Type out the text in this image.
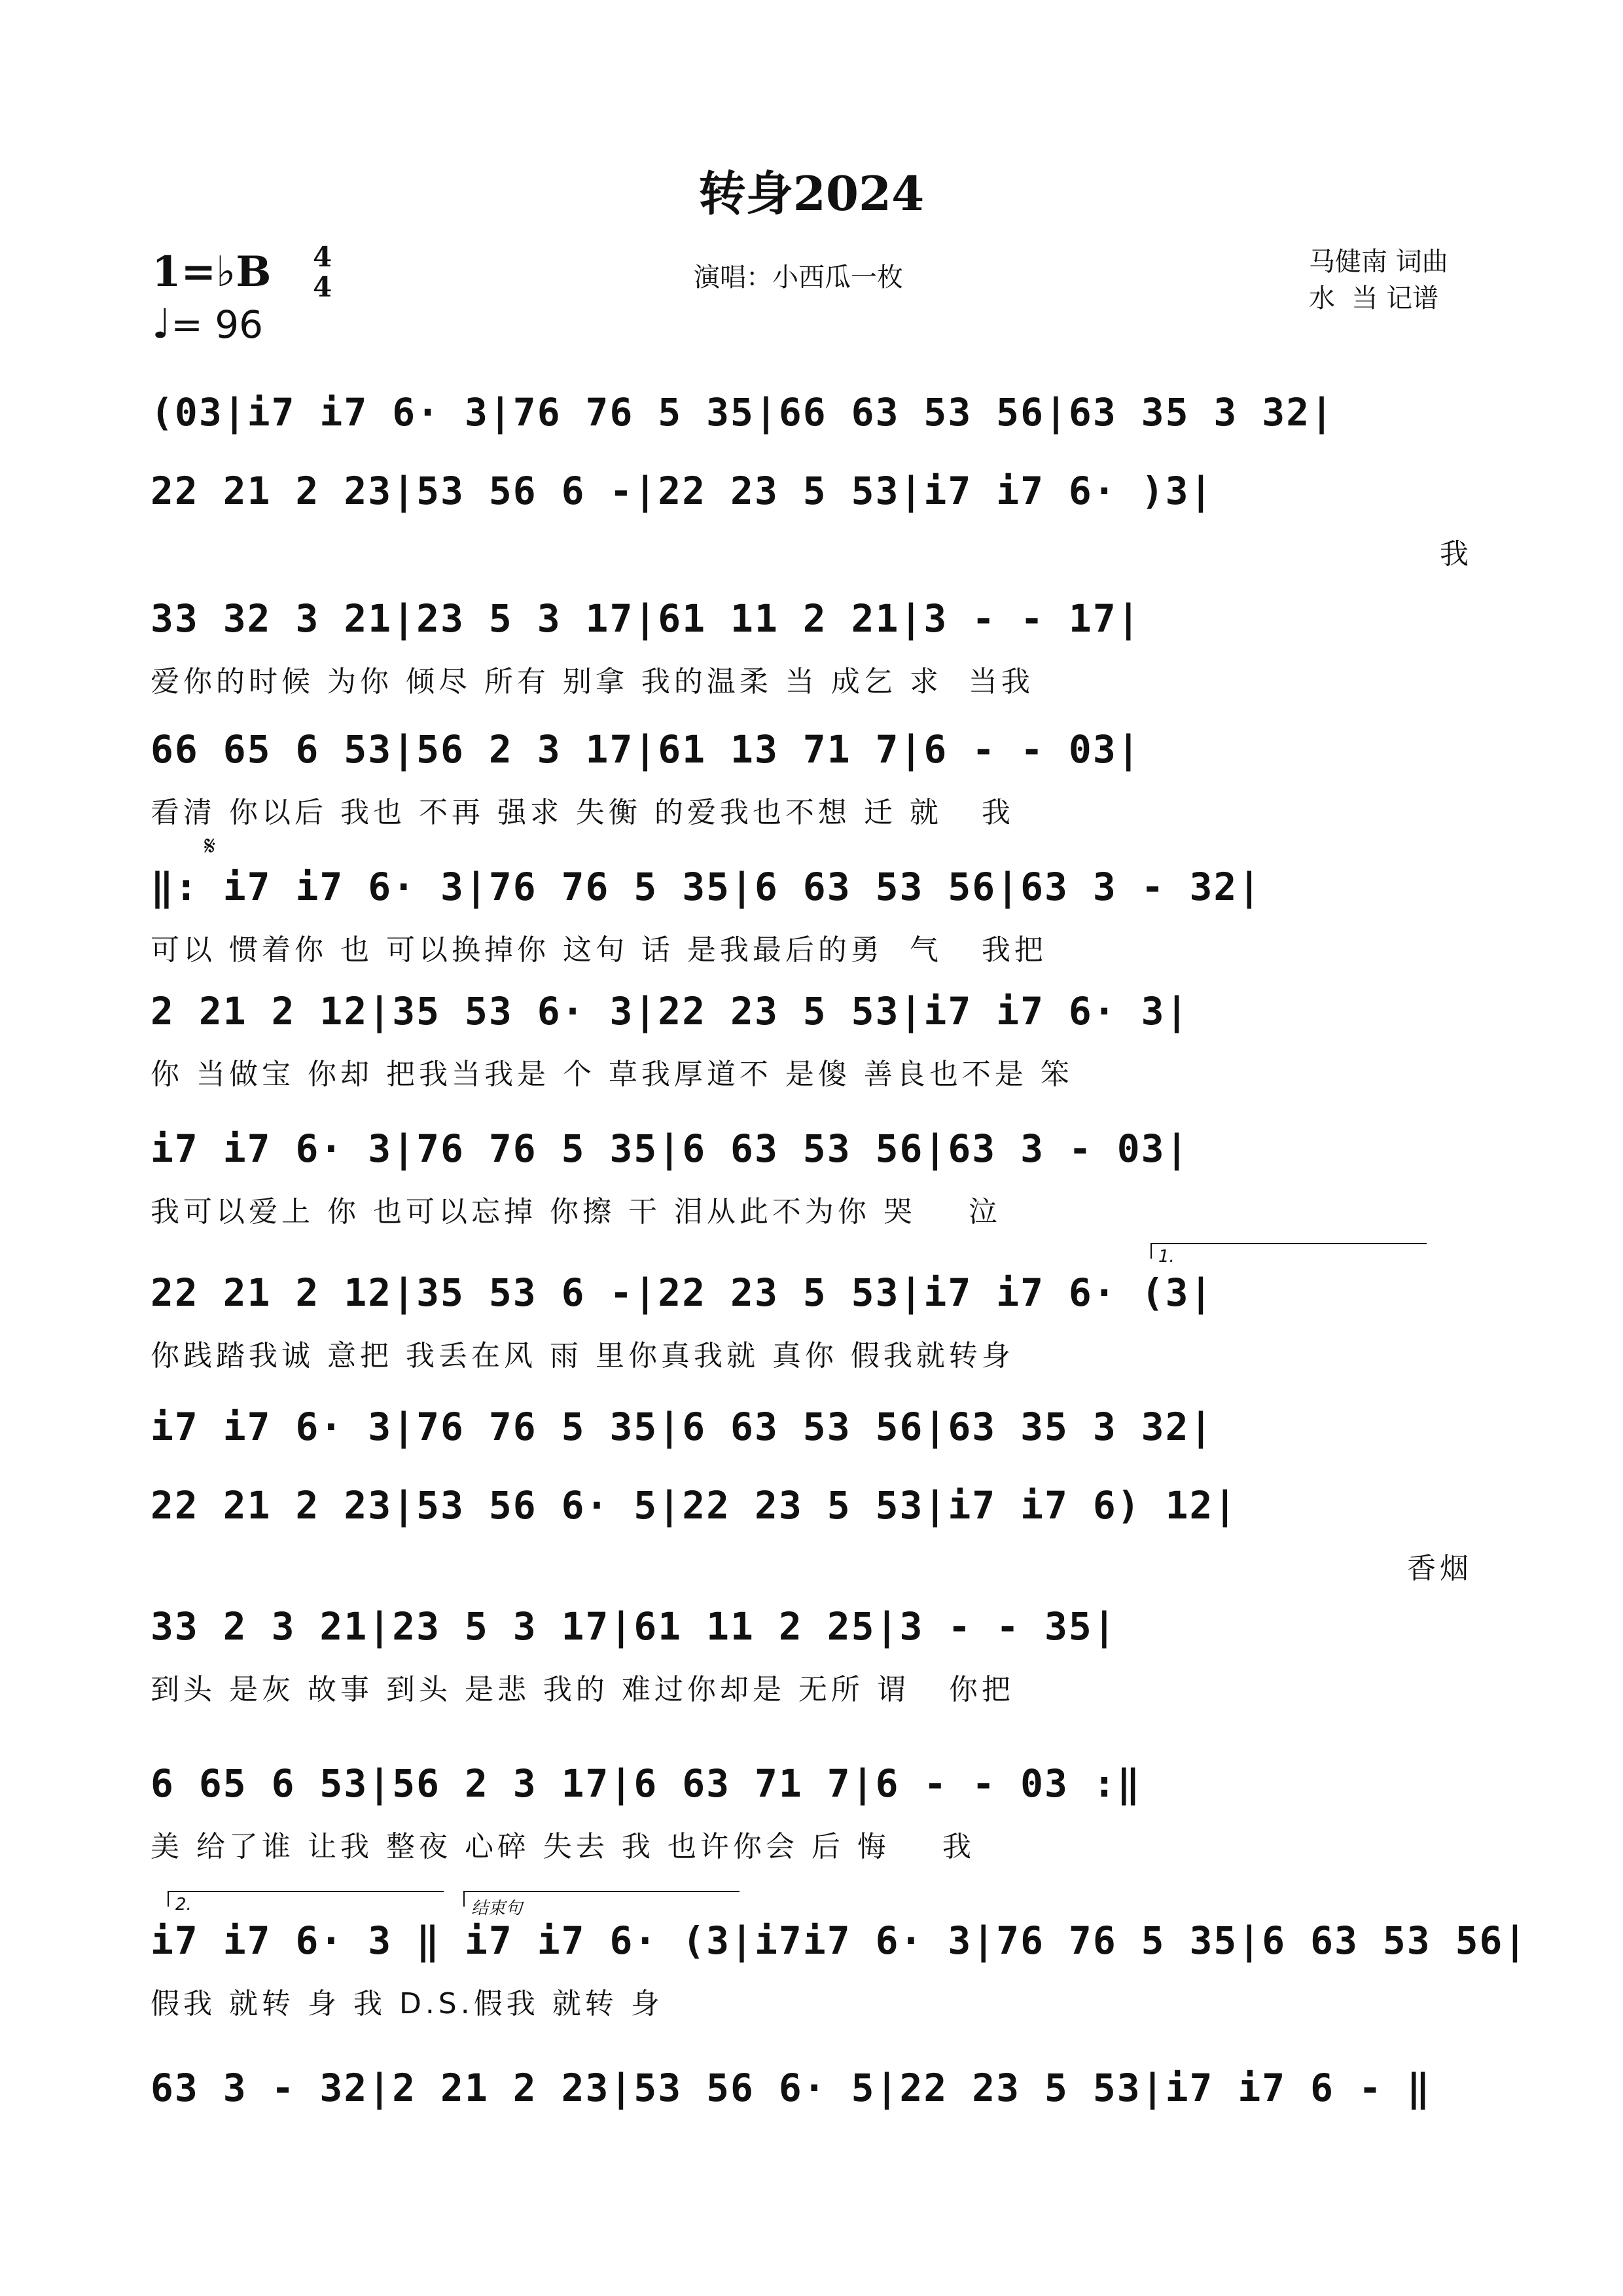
转身2024
1=♭B 4
4
♩= 96
演唱：小西瓜一枚
马健南 词曲
水  当 记谱
(03|i7 i7 6· 3|76 76 5 35|66 63 53 56|63 35 3 32|
22 21 2 23|53 56 6 -|22 23 5 53|i7 i7 6· )3|
我
33 32 3 21|23 5 3 17|61 11 2 21|3 - - 17|
爱你的时候 为你 倾尽 所有 别拿 我的温柔 当 成乞 求  当我
66 65 6 53|56 2 3 17|61 13 71 7|6 - - 03|
看清 你以后 我也 不再 强求 失衡 的爱我也不想 迁 就   我
‖: i7 i7 6· 3|76 76 5 35|6 63 53 56|63 3 - 32|
可以 惯着你 也 可以换掉你 这句 话 是我最后的勇  气   我把
2 21 2 12|35 53 6· 3|22 23 5 53|i7 i7 6· 3|
你 当做宝 你却 把我当我是 个 草我厚道不 是傻 善良也不是 笨
i7 i7 6· 3|76 76 5 35|6 63 53 56|63 3 - 03|
我可以爱上 你 也可以忘掉 你擦 干 泪从此不为你 哭    泣
22 21 2 12|35 53 6 -|22 23 5 53|i7 i7 6· (3|
你践踏我诚 意把 我丢在风 雨 里你真我就 真你 假我就转身
i7 i7 6· 3|76 76 5 35|6 63 53 56|63 35 3 32|
22 21 2 23|53 56 6· 5|22 23 5 53|i7 i7 6) 12|
香烟
33 2 3 21|23 5 3 17|61 11 2 25|3 - - 35|
到头 是灰 故事 到头 是悲 我的 难过你却是 无所 谓   你把
6 65 6 53|56 2 3 17|6 63 71 7|6 - - 03 :‖
美 给了谁 让我 整夜 心碎 失去 我 也许你会 后 悔    我
i7 i7 6· 3 ‖ i7 i7 6· (3|i7i7 6· 3|76 76 5 35|6 63 53 56|
假我 就转 身 我 D.S.假我 就转 身
63 3 - 32|2 21 2 23|53 56 6· 5|22 23 5 53|i7 i7 6 - ‖
1.
2.	结束句
𝄋
